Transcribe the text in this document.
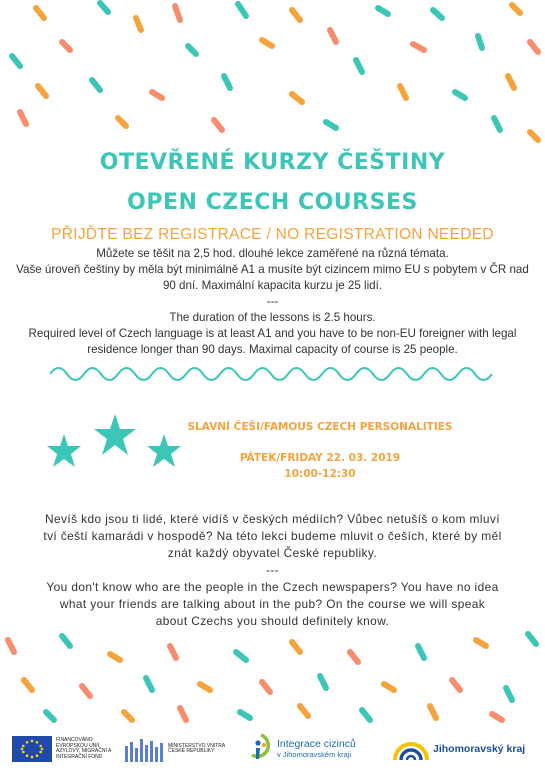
OTEVŘENÉ KURZY ČEŠTINY
OPEN CZECH COURSES
PŘIJĎTE BEZ REGISTRACE / NO REGISTRATION NEEDED

Můžete se těšit na 2,5 hod. dlouhé lekce zaměřené na různá témata.

Vaše úroveň češtiny by měla být minimálně A1 a musíte být cizincem mimo EU s pobytem v ČR nad

90 dní. Maximální kapacita kurzu je 25 lidí.

---

The duration of the lessons is 2.5 hours.

Required level of Czech language is at least A1 and you have to be non-EU foreigner with legal

residence longer than 90 days. Maximal capacity of course is 25 people.

SLAVNÍ ČEŠI/FAMOUS CZECH PERSONALITIES
PÁTEK/FRIDAY 22. 03. 2019
10:00-12:30

Nevíš kdo jsou ti lidé, které vidíš v českých médiích? Vůbec netušíš o kom mluví

tví čeští kamarádi v hospodě? Na této lekci budeme mluvit o češích, které by měl

znát každý obyvatel České republiky.

---

You don't know who are the people in the Czech newspapers? You have no idea

what your friends are talking about in the pub? On the course we will speak

about Czechs you should definitely know.

FINANCOVÁNO EVROPSKOU UNIÍ AZYLOVÝ, MIGRAČNÍ A INTEGRAČNÍ FOND
MINISTERSTVO VNITRA ČESKÉ REPUBLIKY
Integrace cizinců
v Jihomoravském kraji	Jihomoravský kraj
